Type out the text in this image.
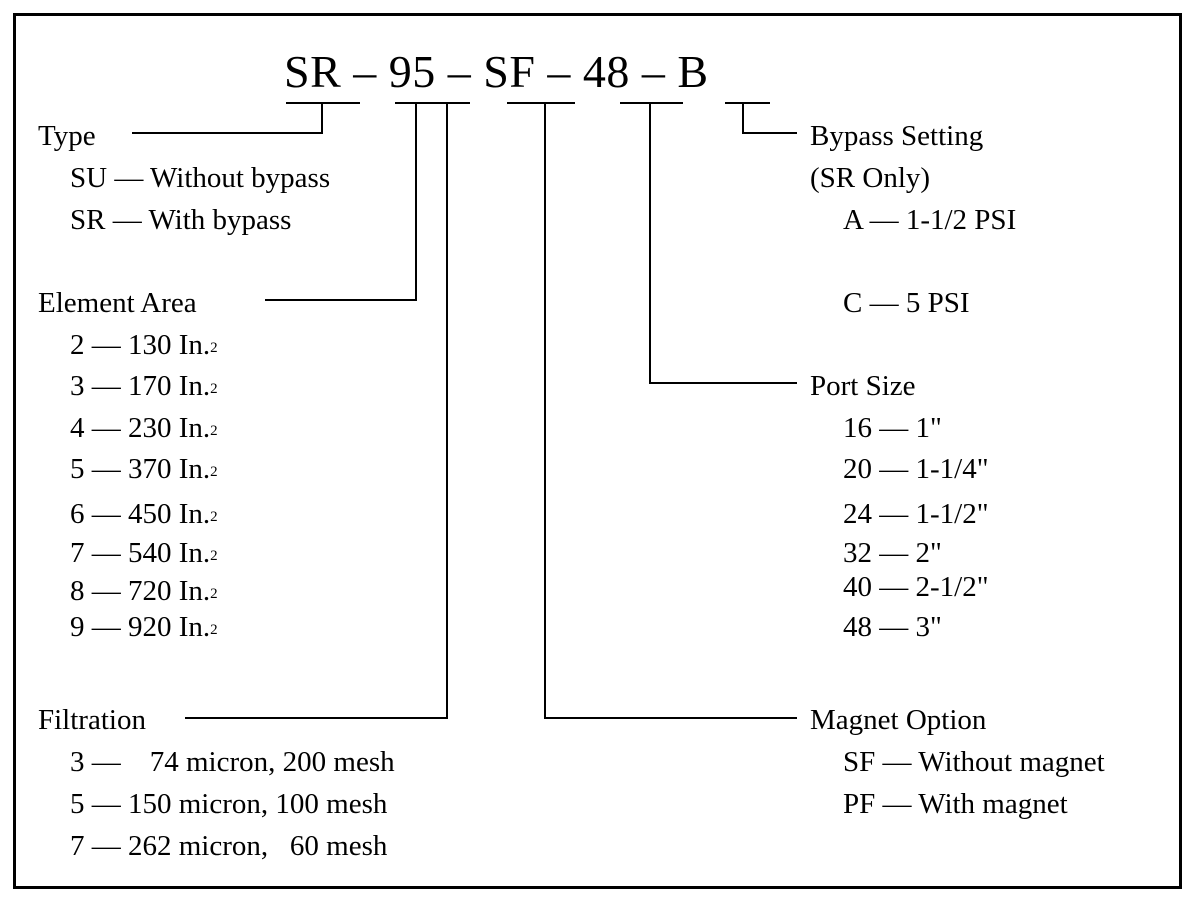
SR – 95 – SF – 48 – B
Type
SU — Without bypass
SR — With bypass
Element Area
2 — 130 In.$^2$
3 — 170 In.$^2$
4 — 230 In.$^2$
5 — 370 In.$^2$
6 — 450 In.$^2$
7 — 540 In.$^2$
8 — 720 In.$^2$
9 — 920 In.$^2$
Filtration
3 —    74 micron, 200 mesh
5 — 150 micron, 100 mesh
7 — 262 micron,   60 mesh
Bypass Setting
(SR Only)
A — 1-1/2 PSI
C — 5 PSI
Port Size
16 — 1"
20 — 1-1/4"
24 — 1-1/2"
32 — 2"
40 — 2-1/2"
48 — 3"
Magnet Option
SF — Without magnet
PF — With magnet
